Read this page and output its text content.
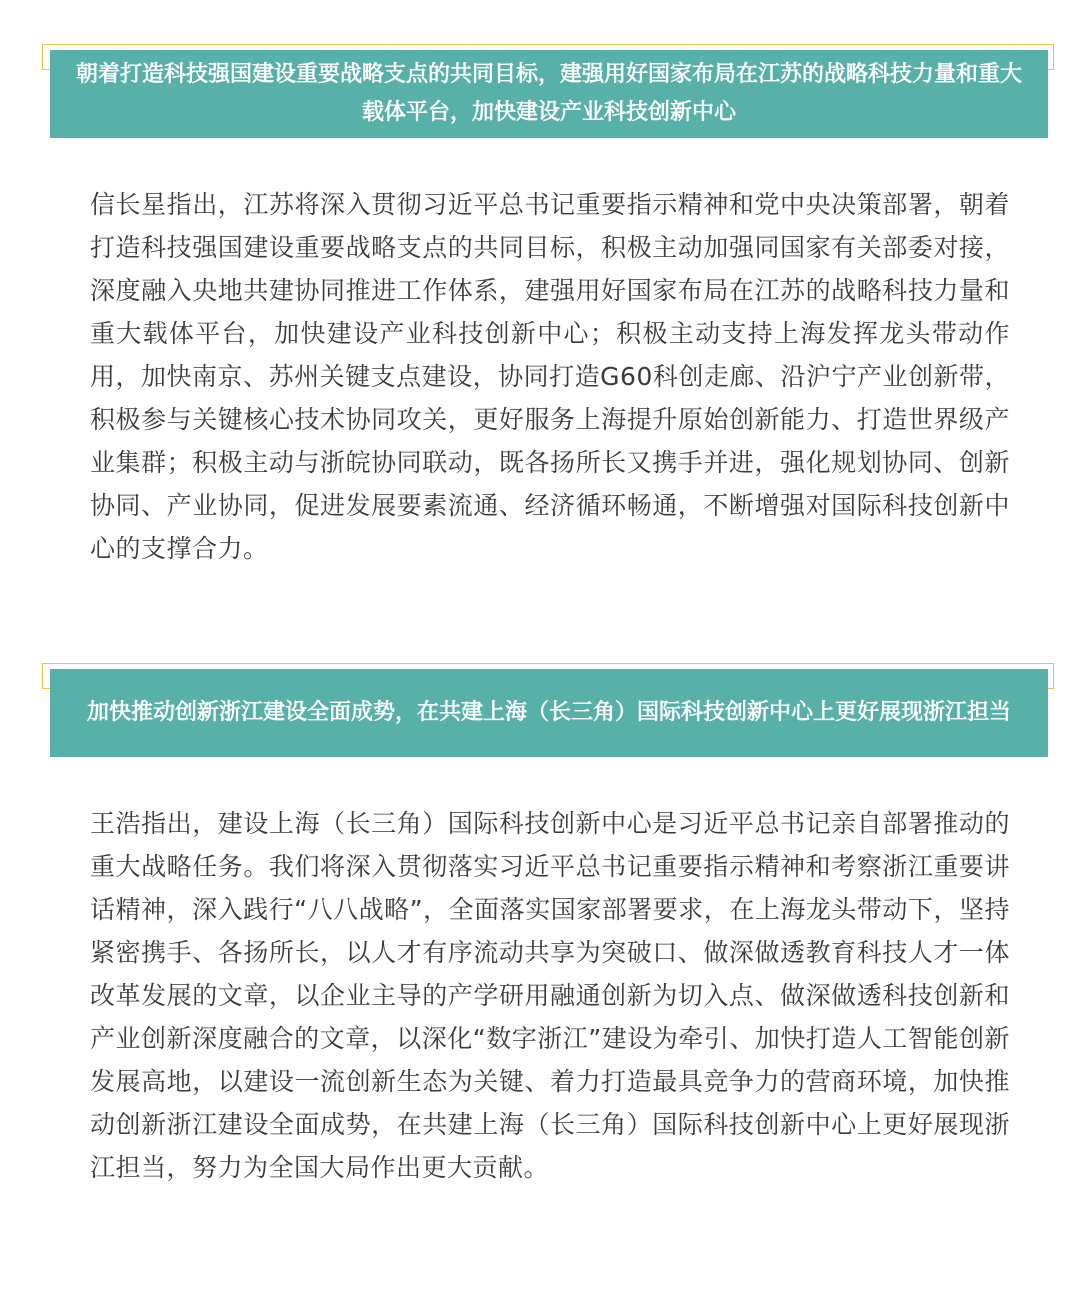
朝着打造科技强国建设重要战略支点的共同目标，建强用好国家布局在江苏的战略科技力量和重大载体平台，加快建设产业科技创新中心

信长星指出，江苏将深入贯彻习近平总书记重要指示精神和党中央决策部署，朝着打造科技强国建设重要战略支点的共同目标，积极主动加强同国家有关部委对接，深度融入央地共建协同推进工作体系，建强用好国家布局在江苏的战略科技力量和重大载体平台，加快建设产业科技创新中心；积极主动支持上海发挥龙头带动作用，加快南京、苏州关键支点建设，协同打造G60科创走廊、沿沪宁产业创新带，积极参与关键核心技术协同攻关，更好服务上海提升原始创新能力、打造世界级产业集群；积极主动与浙皖协同联动，既各扬所长又携手并进，强化规划协同、创新协同、产业协同，促进发展要素流通、经济循环畅通，不断增强对国际科技创新中心的支撑合力。

加快推动创新浙江建设全面成势，在共建上海（长三角）国际科技创新中心上更好展现浙江担当

王浩指出，建设上海（长三角）国际科技创新中心是习近平总书记亲自部署推动的重大战略任务。我们将深入贯彻落实习近平总书记重要指示精神和考察浙江重要讲话精神，深入践行“八八战略”，全面落实国家部署要求，在上海龙头带动下，坚持紧密携手、各扬所长，以人才有序流动共享为突破口、做深做透教育科技人才一体改革发展的文章，以企业主导的产学研用融通创新为切入点、做深做透科技创新和产业创新深度融合的文章，以深化“数字浙江”建设为牵引、加快打造人工智能创新发展高地，以建设一流创新生态为关键、着力打造最具竞争力的营商环境，加快推动创新浙江建设全面成势，在共建上海（长三角）国际科技创新中心上更好展现浙江担当，努力为全国大局作出更大贡献。
